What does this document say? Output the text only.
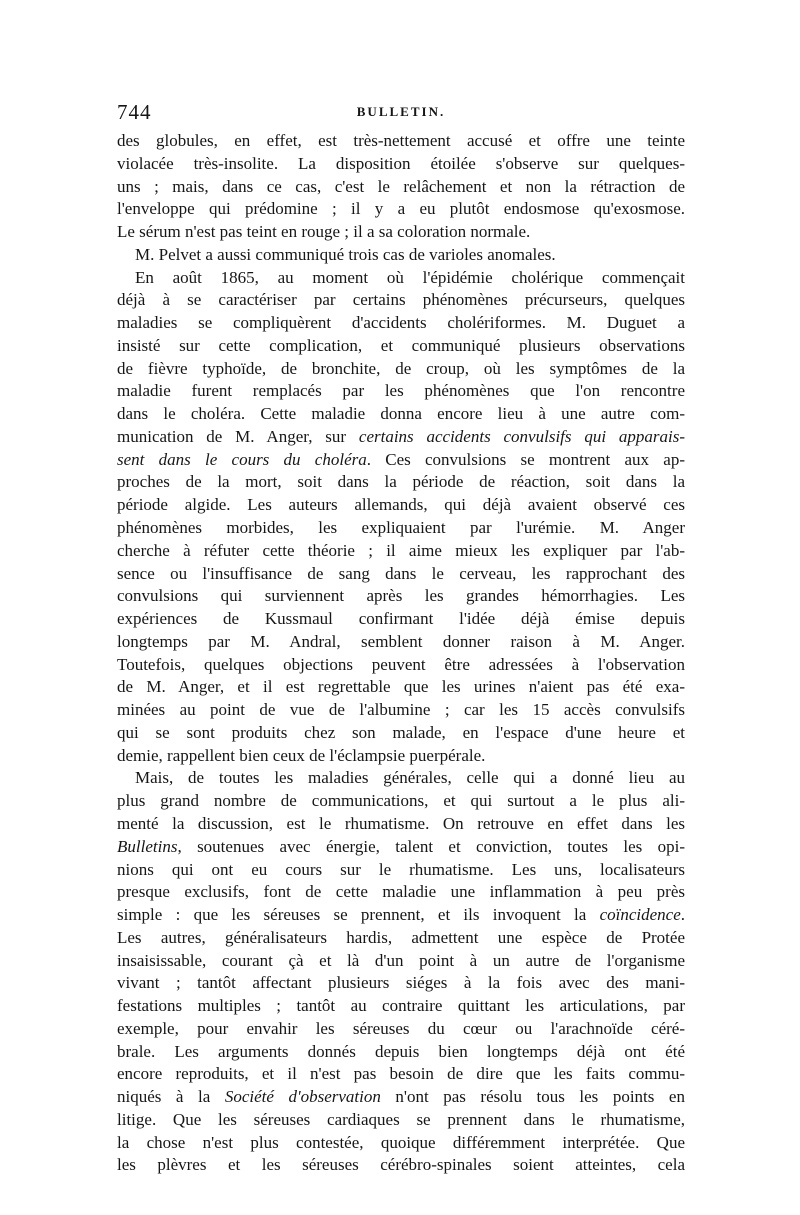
744	BULLETIN.
des globules, en effet, est très-nettement accusé et offre une teinte
violacée très-insolite. La disposition étoilée s'observe sur quelques-
uns ; mais, dans ce cas, c'est le relâchement et non la rétraction de
l'enveloppe qui prédomine ; il y a eu plutôt endosmose qu'exosmose.
Le sérum n'est pas teint en rouge ; il a sa coloration normale.
M. Pelvet a aussi communiqué trois cas de varioles anomales.
En août 1865, au moment où l'épidémie cholérique commençait
déjà à se caractériser par certains phénomènes précurseurs, quelques
maladies se compliquèrent d'accidents cholériformes. M. Duguet a
insisté sur cette complication, et communiqué plusieurs observations
de fièvre typhoïde, de bronchite, de croup, où les symptômes de la
maladie furent remplacés par les phénomènes que l'on rencontre
dans le choléra. Cette maladie donna encore lieu à une autre com-
munication de M. Anger, sur certains accidents convulsifs qui apparais-
sent dans le cours du choléra. Ces convulsions se montrent aux ap-
proches de la mort, soit dans la période de réaction, soit dans la
période algide. Les auteurs allemands, qui déjà avaient observé ces
phénomènes morbides, les expliquaient par l'urémie. M. Anger
cherche à réfuter cette théorie ; il aime mieux les expliquer par l'ab-
sence ou l'insuffisance de sang dans le cerveau, les rapprochant des
convulsions qui surviennent après les grandes hémorrhagies. Les
expériences de Kussmaul confirmant l'idée déjà émise depuis
longtemps par M. Andral, semblent donner raison à M. Anger.
Toutefois, quelques objections peuvent être adressées à l'observation
de M. Anger, et il est regrettable que les urines n'aient pas été exa-
minées au point de vue de l'albumine ; car les 15 accès convulsifs
qui se sont produits chez son malade, en l'espace d'une heure et
demie, rappellent bien ceux de l'éclampsie puerpérale.
Mais, de toutes les maladies générales, celle qui a donné lieu au
plus grand nombre de communications, et qui surtout a le plus ali-
menté la discussion, est le rhumatisme. On retrouve en effet dans les
Bulletins, soutenues avec énergie, talent et conviction, toutes les opi-
nions qui ont eu cours sur le rhumatisme. Les uns, localisateurs
presque exclusifs, font de cette maladie une inflammation à peu près
simple : que les séreuses se prennent, et ils invoquent la coïncidence.
Les autres, généralisateurs hardis, admettent une espèce de Protée
insaisissable, courant çà et là d'un point à un autre de l'organisme
vivant ; tantôt affectant plusieurs siéges à la fois avec des mani-
festations multiples ; tantôt au contraire quittant les articulations, par
exemple, pour envahir les séreuses du cœur ou l'arachnoïde céré-
brale. Les arguments donnés depuis bien longtemps déjà ont été
encore reproduits, et il n'est pas besoin de dire que les faits commu-
niqués à la Société d'observation n'ont pas résolu tous les points en
litige. Que les séreuses cardiaques se prennent dans le rhumatisme,
la chose n'est plus contestée, quoique différemment interprétée. Que
les plèvres et les séreuses cérébro-spinales soient atteintes, cela
